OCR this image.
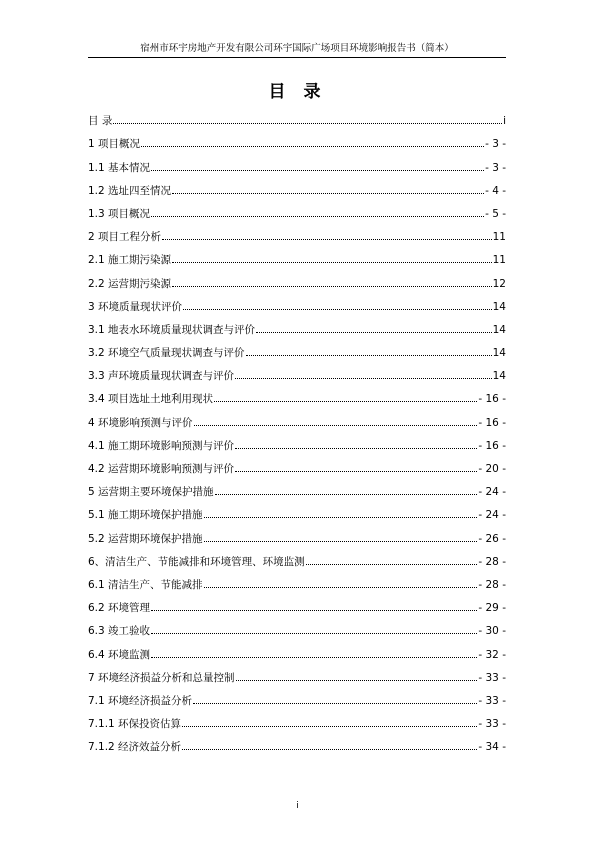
宿州市环宇房地产开发有限公司环宇国际广场项目环境影响报告书（简本）
目 录
目 录	i
1 项目概况	- 3 -
1.1 基本情况	- 3 -
1.2 选址四至情况	- 4 -
1.3 项目概况	- 5 -
2 项目工程分析	11
2.1 施工期污染源	11
2.2 运营期污染源	12
3 环境质量现状评价	14
3.1 地表水环境质量现状调查与评价	14
3.2 环境空气质量现状调查与评价	14
3.3 声环境质量现状调查与评价	14
3.4 项目选址土地利用现状	- 16 -
4 环境影响预测与评价	- 16 -
4.1 施工期环境影响预测与评价	- 16 -
4.2 运营期环境影响预测与评价	- 20 -
5 运营期主要环境保护措施	- 24 -
5.1 施工期环境保护措施	- 24 -
5.2 运营期环境保护措施	- 26 -
6、清洁生产、节能减排和环境管理、环境监测	- 28 -
6.1 清洁生产、节能减排	- 28 -
6.2 环境管理	- 29 -
6.3 竣工验收	- 30 -
6.4 环境监测	- 32 -
7 环境经济损益分析和总量控制	- 33 -
7.1 环境经济损益分析	- 33 -
7.1.1 环保投资估算	- 33 -
7.1.2 经济效益分析	- 34 -
i
